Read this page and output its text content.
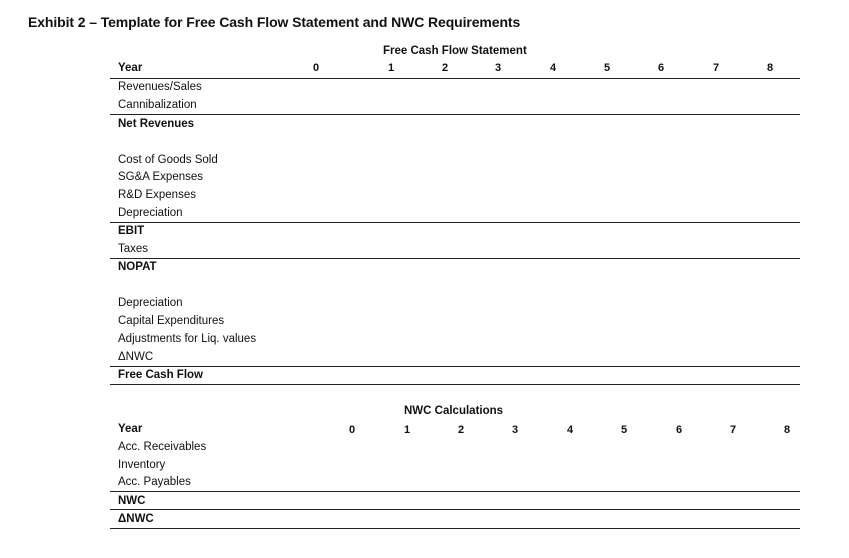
Exhibit 2 – Template for Free Cash Flow Statement and NWC Requirements
Free Cash Flow Statement
Year	0	1	2	3	4	5	6	7	8
Revenues/Sales
Cannibalization
Net Revenues
Cost of Goods Sold
SG&A Expenses
R&D Expenses
Depreciation
EBIT
Taxes
NOPAT
Depreciation
Capital Expenditures
Adjustments for Liq. values
ΔNWC
Free Cash Flow
NWC Calculations
Year	0	1	2	3	4	5	6	7	8
Acc. Receivables
Inventory
Acc. Payables
NWC
ΔNWC
